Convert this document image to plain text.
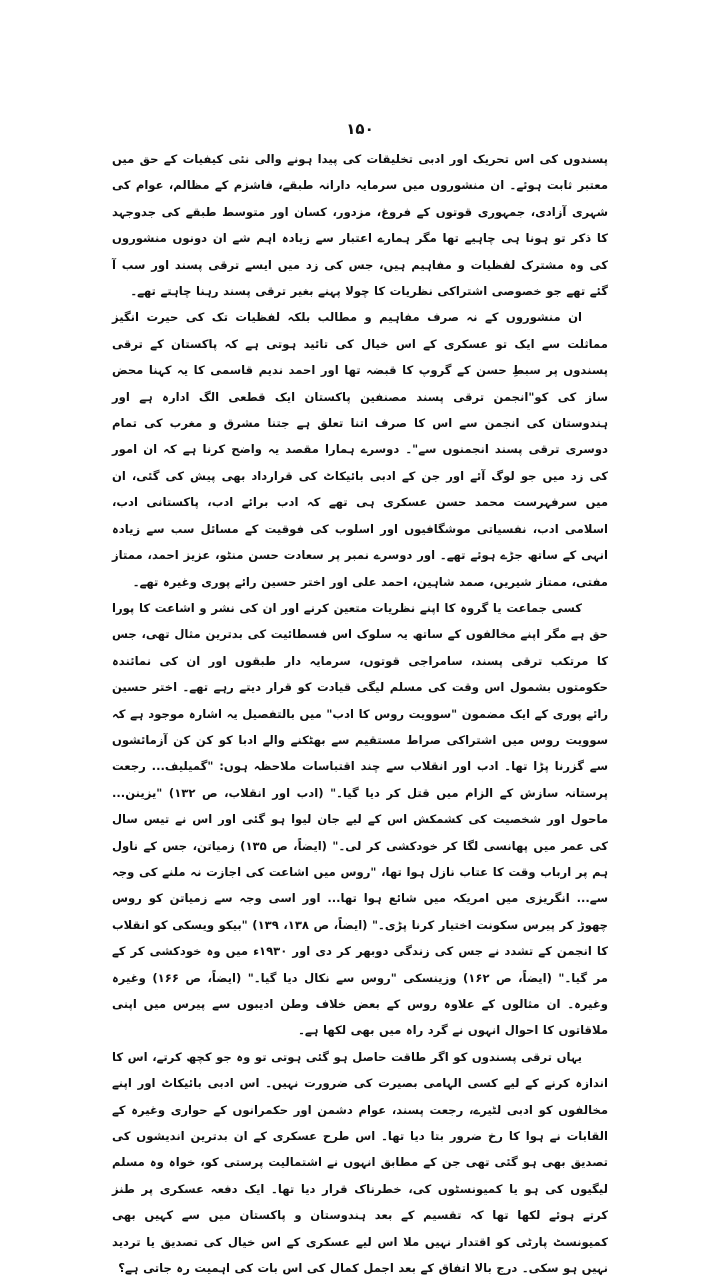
۱۵۰

پسندوں کی اس تحریک اور ادبی تخلیقات کی پیدا ہونے والی نئی کیفیات کے حق میں معتبر ثابت ہوئے۔ ان منشوروں میں سرمایہ دارانہ طبقے، فاشزم کے مظالم، عوام کی شہری آزادی، جمہوری قوتوں کے فروغ، مزدور، کسان اور متوسط طبقے کی جدوجہد کا ذکر تو ہونا ہی چاہیے تھا مگر ہمارے اعتبار سے زیادہ اہم شے ان دونوں منشوروں کی وہ مشترک لفظیات و مفاہیم ہیں، جس کی زد میں ایسے ترقی پسند اور سب آ گئے تھے جو خصوصی اشتراکی نظریات کا چولا پہنے بغیر ترقی پسند رہنا چاہتے تھے۔

ان منشوروں کے نہ صرف مفاہیم و مطالب بلکہ لفظیات تک کی حیرت انگیز مماثلت سے ایک تو عسکری کے اس خیال کی تائید ہوتی ہے کہ پاکستان کے ترقی پسندوں پر سبطِ حسن کے گروپ کا قبضہ تھا اور احمد ندیم قاسمی کا یہ کہنا محض ساز کی کو"انجمن ترقی پسند مصنفین پاکستان ایک قطعی الگ ادارہ ہے اور ہندوستان کی انجمن سے اس کا صرف اتنا تعلق ہے جتنا مشرق و مغرب کی تمام دوسری ترقی پسند انجمنوں سے"۔ دوسرے ہمارا مقصد یہ واضح کرنا ہے کہ ان امور کی زد میں جو لوگ آئے اور جن کے ادبی بائیکاٹ کی قرارداد بھی پیش کی گئی، ان میں سرفہرست محمد حسن عسکری ہی تھے کہ ادب برائے ادب، پاکستانی ادب، اسلامی ادب، نفسیاتی موشگافیوں اور اسلوب کی فوقیت کے مسائل سب سے زیادہ انہی کے ساتھ جڑے ہوئے تھے۔ اور دوسرے نمبر پر سعادت حسن منٹو، عزیز احمد، ممتاز مفتی، ممتاز شیریں، صمد شاہین، احمد علی اور اختر حسین رائے پوری وغیرہ تھے۔

کسی جماعت یا گروہ کا اپنے نظریات متعین کرنے اور ان کی نشر و اشاعت کا پورا حق ہے مگر اپنے مخالفوں کے ساتھ یہ سلوک اس فسطائیت کی بدترین مثال تھی، جس کا مرتکب ترقی پسند، سامراجی قوتوں، سرمایہ دار طبقوں اور ان کی نمائندہ حکومتوں بشمول اس وقت کی مسلم لیگی قیادت کو قرار دیتے رہے تھے۔ اختر حسین رائے پوری کے ایک مضمون "سوویت روس کا ادب" میں بالتفصیل یہ اشارہ موجود ہے کہ سوویت روس میں اشتراکی صراط مستقیم سے بھٹکنے والے ادبا کو کن کن آزمائشوں سے گزرنا پڑا تھا۔ ادب اور انقلاب سے چند اقتباسات ملاحظہ ہوں: "گمیلیف... رجعت پرستانہ سازش کے الزام میں قتل کر دیا گیا۔" (ادب اور انقلاب، ص ۱۳۲) "یزینن... ماحول اور شخصیت کی کشمکش اس کے لیے جان لیوا ہو گئی اور اس نے تیس سال کی عمر میں پھانسی لگا کر خودکشی کر لی۔" (ایضاً، ص ۱۳۵) زمیاتن، جس کے ناول ہم پر ارباب وقت کا عتاب نازل ہوا تھا، "روس میں اشاعت کی اجازت نہ ملنے کی وجہ سے... انگریزی میں امریکہ میں شائع ہوا تھا... اور اسی وجہ سے زمیاتن کو روس چھوڑ کر پیرس سکونت اختیار کرنا پڑی۔" (ایضاً، ص ۱۳۸، ۱۳۹) "بیکو ویسکی کو انقلاب کا انجمن کے تشدد نے جس کی زندگی دوبھر کر دی اور ۱۹۳۰ء میں وہ خودکشی کر کے مر گیا۔" (ایضاً، ص ۱۶۲) وزینسکی "روس سے نکال دیا گیا۔" (ایضاً، ص ۱۶۶) وغیرہ وغیرہ۔ ان مثالوں کے علاوہ روس کے بعض خلاف وطن ادیبوں سے پیرس میں اپنی ملاقاتوں کا احوال انہوں نے گرد راہ میں بھی لکھا ہے۔

یہاں ترقی پسندوں کو اگر طاقت حاصل ہو گئی ہوتی تو وہ جو کچھ کرتے، اس کا اندازہ کرنے کے لیے کسی الہامی بصیرت کی ضرورت نہیں۔ اس ادبی بائیکاٹ اور اپنے مخالفوں کو ادبی لٹیرے، رجعت پسند، عوام دشمن اور حکمرانوں کے حواری وغیرہ کے القابات نے ہوا کا رخ ضرور بتا دیا تھا۔ اس طرح عسکری کے ان بدترین اندیشوں کی تصدیق بھی ہو گئی تھی جن کے مطابق انہوں نے اشتمالیت پرستی کو، خواہ وہ مسلم لیگیوں کی ہو یا کمیونسٹوں کی، خطرناک قرار دیا تھا۔ ایک دفعہ عسکری پر طنز کرتے ہوئے لکھا تھا کہ تقسیم کے بعد ہندوستان و پاکستان میں سے کہیں بھی کمیونسٹ پارٹی کو اقتدار نہیں ملا اس لیے عسکری کے اس خیال کی تصدیق یا تردید نہیں ہو سکی۔ درج بالا اتفاق کے بعد اجمل کمال کی اس بات کی اہمیت رہ جاتی ہے؟
